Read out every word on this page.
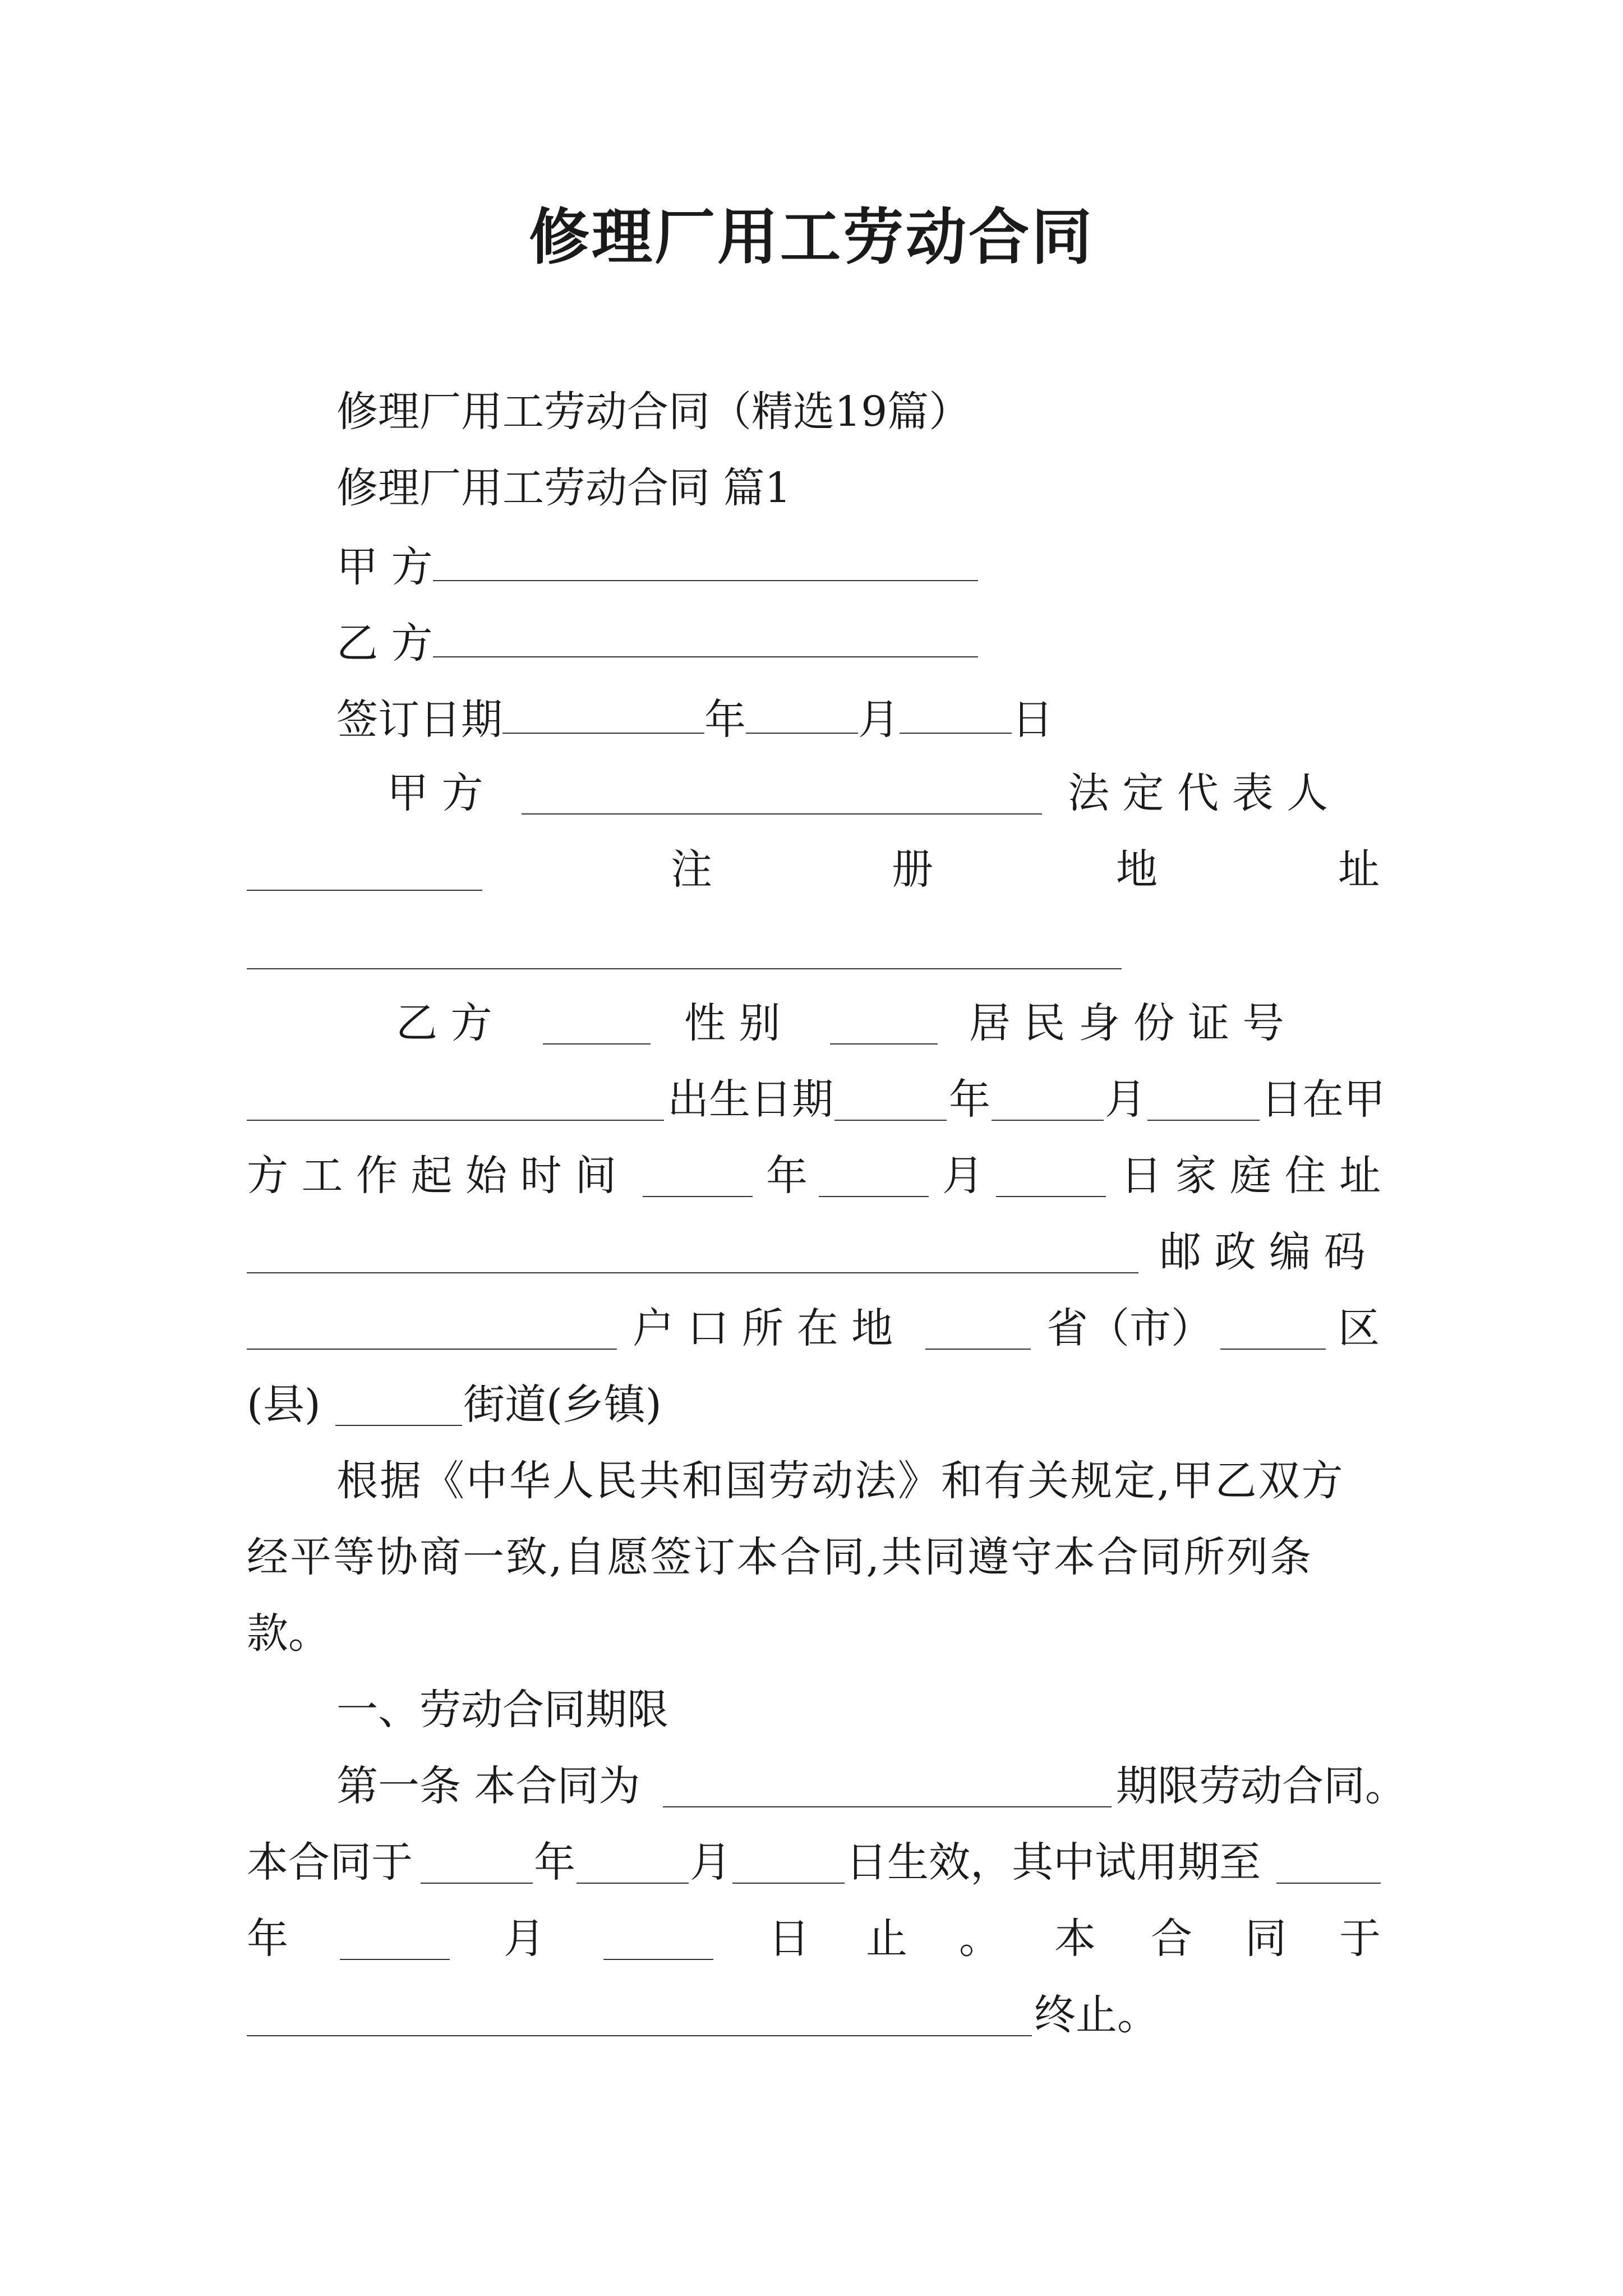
修理厂用工劳动合同
修理厂用工劳动合同（精选19篇）
修理厂用工劳动合同 篇1
甲 方
乙 方
签订日期	年	月	日
甲 方	法 定 代 表 人
注	册	地	址
乙 方	性 别	居 民 身 份 证 号
出生日期	年	月	日在甲
方 工 作 起 始 时 间	年	月	日 家 庭 住 址
邮 政 编 码
户 口 所 在 地	省（市）	区
(县)	街道(乡镇)
根据《中华人民共和国劳动法》和有关规定,甲乙双方
经平等协商一致,自愿签订本合同,共同遵守本合同所列条
款。
一、劳动合同期限
第一条 本合同为	期限劳动合同。
本合同于	年	月	日生效，其中试用期至
年	月	日 止 。 本 合 同 于
终止。
